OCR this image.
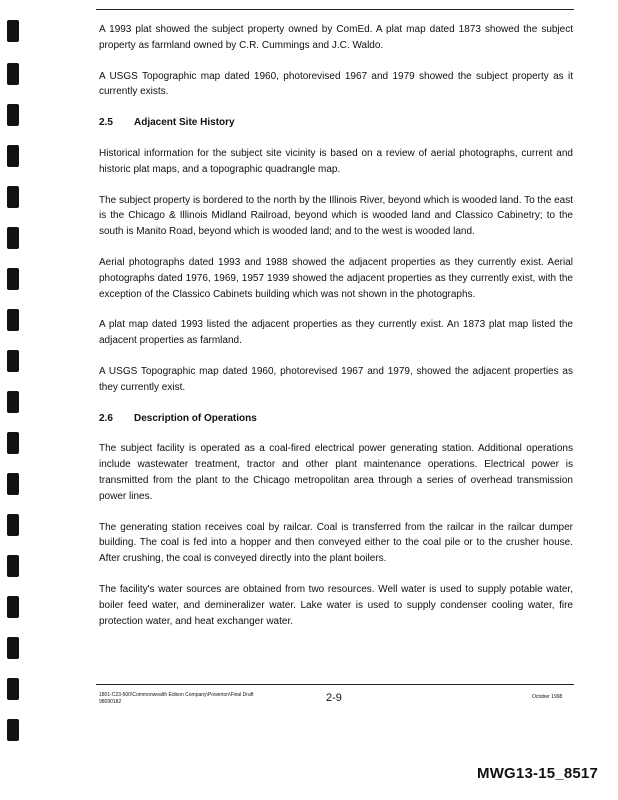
A 1993 plat showed the subject property owned by ComEd. A plat map dated 1873 showed the subject property as farmland owned by C.R. Cummings and J.C. Waldo.

A USGS Topographic map dated 1960, photorevised 1967 and 1979 showed the subject property as it currently exists.

2.5 Adjacent Site History

Historical information for the subject site vicinity is based on a review of aerial photographs, current and historic plat maps, and a topographic quadrangle map.

The subject property is bordered to the north by the Illinois River, beyond which is wooded land. To the east is the Chicago & Illinois Midland Railroad, beyond which is wooded land and Classico Cabinetry; to the south is Manito Road, beyond which is wooded land; and to the west is wooded land.

Aerial photographs dated 1993 and 1988 showed the adjacent properties as they currently exist. Aerial photographs dated 1976, 1969, 1957 1939 showed the adjacent properties as they currently exist, with the exception of the Classico Cabinets building which was not shown in the photographs.

A plat map dated 1993 listed the adjacent properties as they currently exist. An 1873 plat map listed the adjacent properties as farmland.

A USGS Topographic map dated 1960, photorevised 1967 and 1979, showed the adjacent properties as they currently exist.

2.6 Description of Operations

The subject facility is operated as a coal-fired electrical power generating station. Additional operations include wastewater treatment, tractor and other plant maintenance operations. Electrical power is transmitted from the plant to the Chicago metropolitan area through a series of overhead transmission power lines.

The generating station receives coal by railcar. Coal is transferred from the railcar in the railcar dumper building. The coal is fed into a hopper and then conveyed either to the coal pile or to the crusher house. After crushing, the coal is conveyed directly into the plant boilers.

The facility's water sources are obtained from two resources. Well water is used to supply potable water, boiler feed water, and demineralizer water. Lake water is used to supply condenser cooling water, fire protection water, and heat exchanger water.

1801-C23-500\Commonwealth Edison Company\Powerton\Final Draft
98090182	2-9	October 1998
MWG13-15_8517
